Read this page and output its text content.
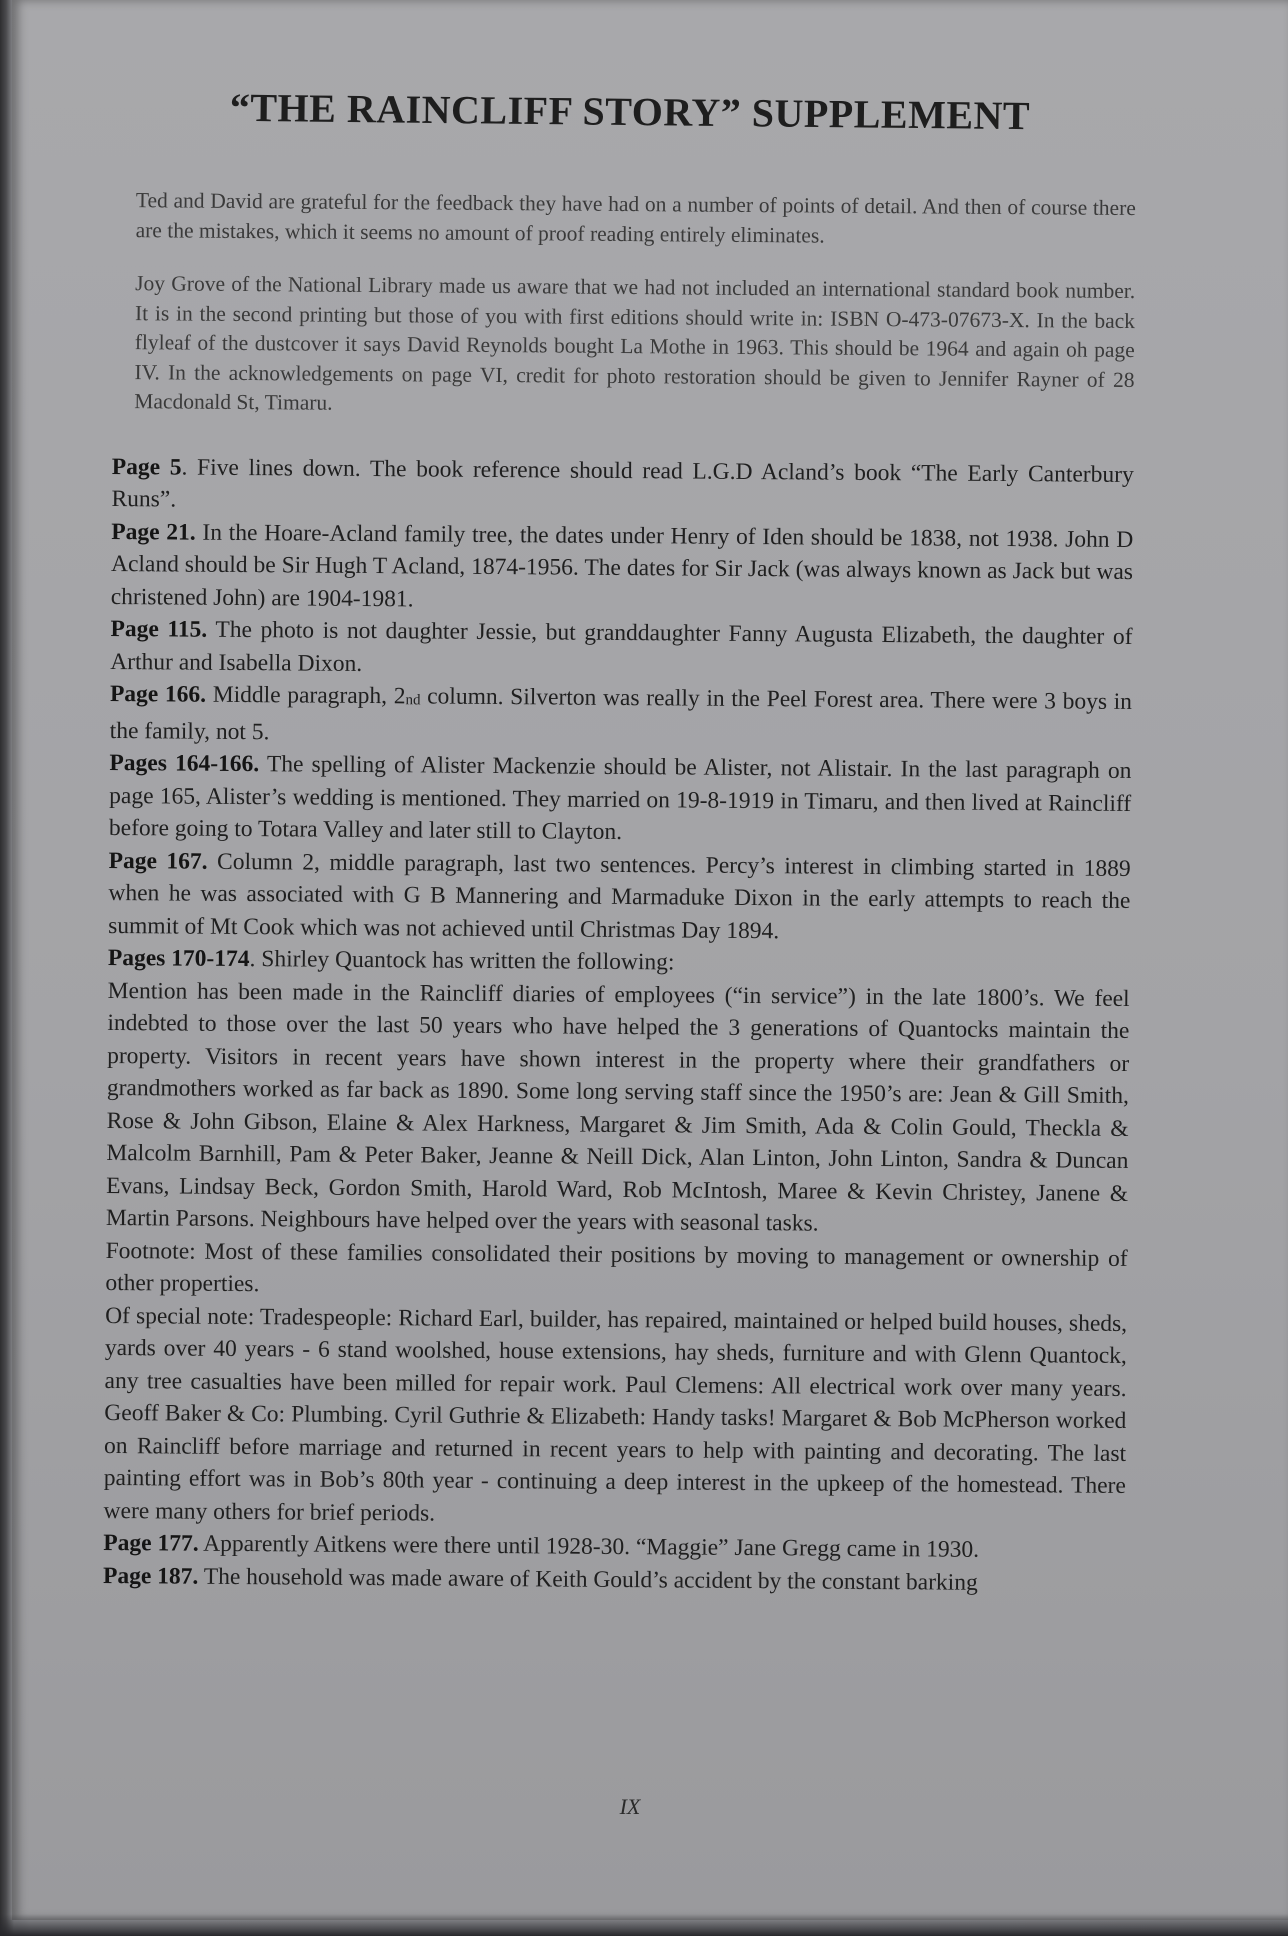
“THE RAINCLIFF STORY” SUPPLEMENT

Ted and David are grateful for the feedback they have had on a number of points of detail. And then of course there are the mistakes, which it seems no amount of proof reading entirely eliminates.

Joy Grove of the National Library made us aware that we had not included an international standard book number. It is in the second printing but those of you with first editions should write in: ISBN O-473-07673-X. In the back flyleaf of the dustcover it says David Reynolds bought La Mothe in 1963. This should be 1964 and again oh page IV. In the acknowledgements on page VI, credit for photo restoration should be given to Jennifer Rayner of 28 Macdonald St, Timaru.

Page 5. Five lines down. The book reference should read L.G.D Acland’s book “The Early Canterbury Runs”.

Page 21. In the Hoare-Acland family tree, the dates under Henry of Iden should be 1838, not 1938. John D Acland should be Sir Hugh T Acland, 1874-1956. The dates for Sir Jack (was always known as Jack but was christened John) are 1904-1981.

Page 115. The photo is not daughter Jessie, but granddaughter Fanny Augusta Elizabeth, the daughter of Arthur and Isabella Dixon.

Page 166. Middle paragraph, 2nd column. Silverton was really in the Peel Forest area. There were 3 boys in the family, not 5.

Pages 164-166. The spelling of Alister Mackenzie should be Alister, not Alistair. In the last paragraph on page 165, Alister’s wedding is mentioned. They married on 19-8-1919 in Timaru, and then lived at Raincliff before going to Totara Valley and later still to Clayton.

Page 167. Column 2, middle paragraph, last two sentences. Percy’s interest in climbing started in 1889 when he was associated with G B Mannering and Marmaduke Dixon in the early attempts to reach the summit of Mt Cook which was not achieved until Christmas Day 1894.

Pages 170-174. Shirley Quantock has written the following:

Mention has been made in the Raincliff diaries of employees (“in service”) in the late 1800’s. We feel indebted to those over the last 50 years who have helped the 3 generations of Quantocks maintain the property. Visitors in recent years have shown interest in the property where their grandfathers or grandmothers worked as far back as 1890. Some long serving staff since the 1950’s are: Jean & Gill Smith, Rose & John Gibson, Elaine & Alex Harkness, Margaret & Jim Smith, Ada & Colin Gould, Theckla & Malcolm Barnhill, Pam & Peter Baker, Jeanne & Neill Dick, Alan Linton, John Linton, Sandra & Duncan Evans, Lindsay Beck, Gordon Smith, Harold Ward, Rob McIntosh, Maree & Kevin Christey, Janene & Martin Parsons. Neighbours have helped over the years with seasonal tasks.

Footnote: Most of these families consolidated their positions by moving to management or ownership of other properties.

Of special note: Tradespeople: Richard Earl, builder, has repaired, maintained or helped build houses, sheds, yards over 40 years - 6 stand woolshed, house extensions, hay sheds, furniture and with Glenn Quantock, any tree casualties have been milled for repair work. Paul Clemens: All electrical work over many years. Geoff Baker & Co: Plumbing. Cyril Guthrie & Elizabeth: Handy tasks! Margaret & Bob McPherson worked on Raincliff before marriage and returned in recent years to help with painting and decorating. The last painting effort was in Bob’s 80th year - continuing a deep interest in the upkeep of the homestead. There were many others for brief periods.

Page 177. Apparently Aitkens were there until 1928-30. “Maggie” Jane Gregg came in 1930.

Page 187. The household was made aware of Keith Gould’s accident by the constant barking

IX
